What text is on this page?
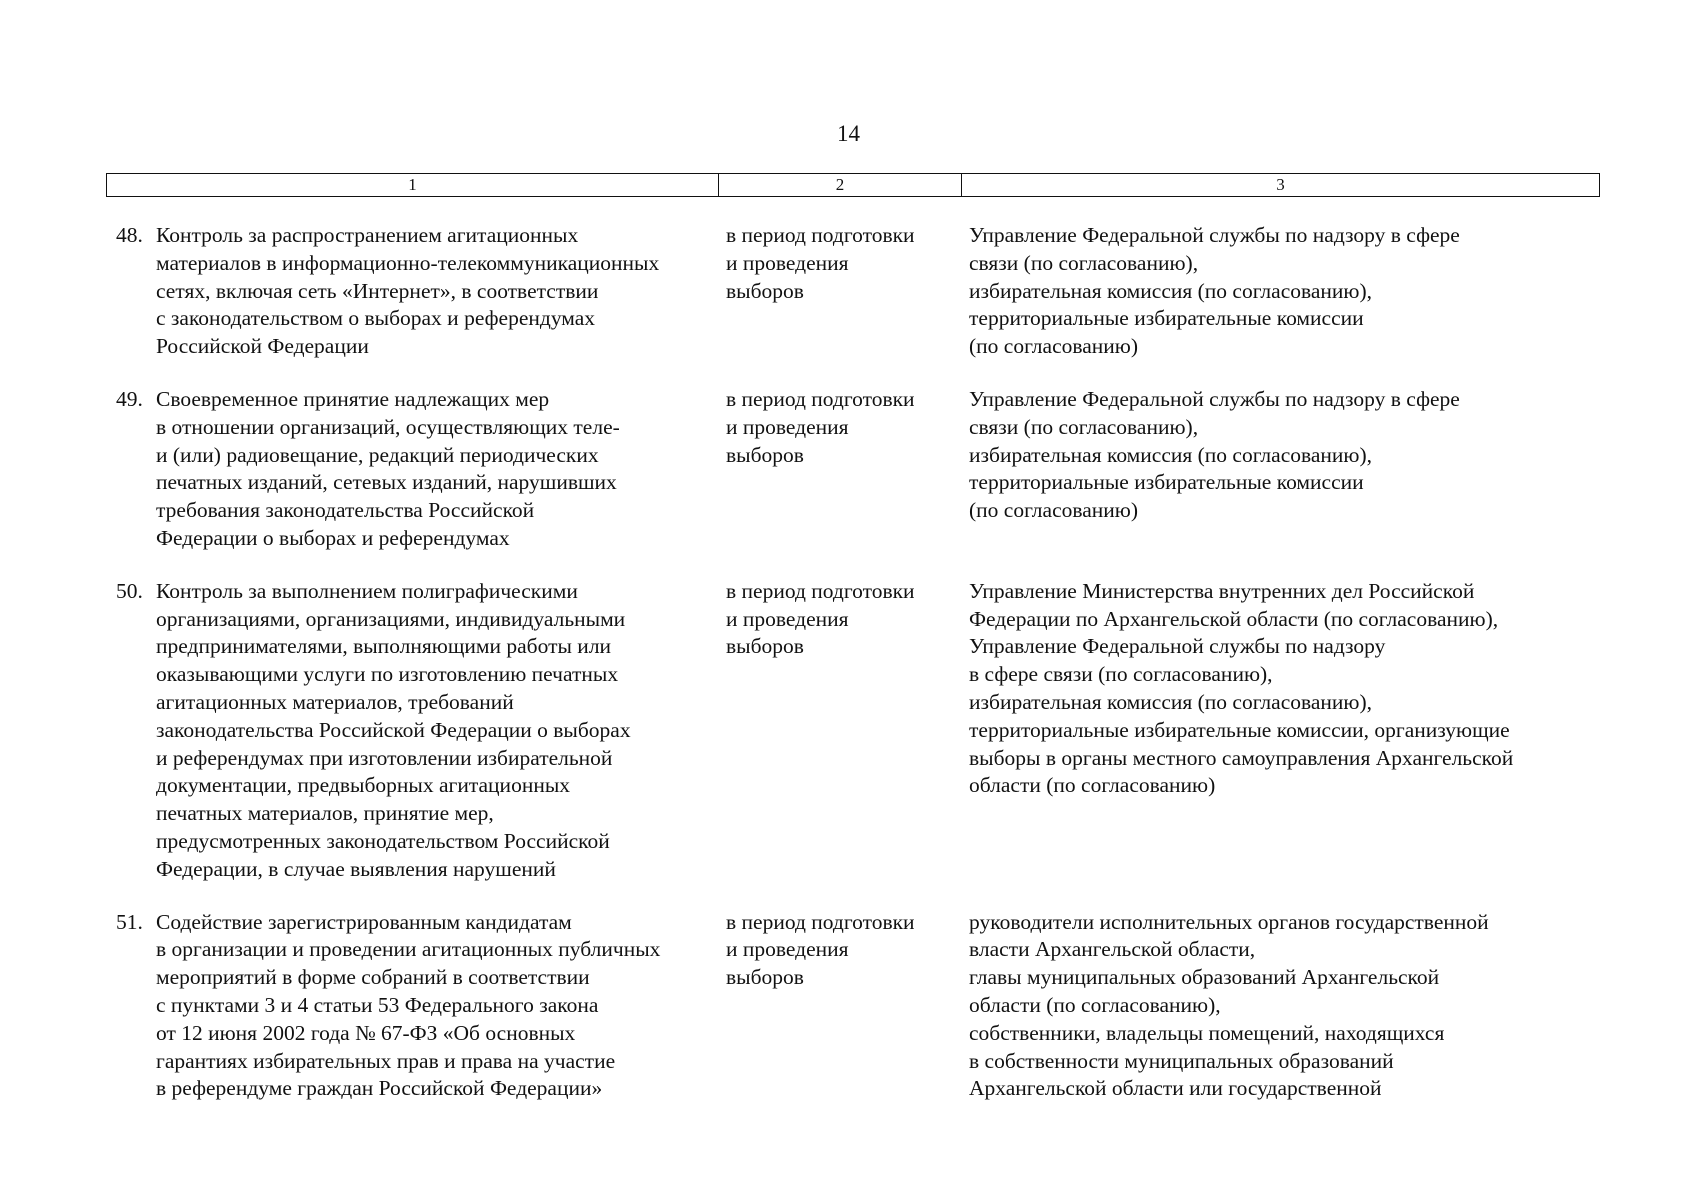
14
1	2	3
48. Контроль за распространением агитационных
материалов в информационно-телекоммуникационных
сетях, включая сеть «Интернет», в соответствии
с законодательством о выборах и референдумах
Российской Федерации
в период подготовки
и проведения
выборов
Управление Федеральной службы по надзору в сфере
связи (по согласованию),
избирательная комиссия (по согласованию),
территориальные избирательные комиссии
(по согласованию)
49. Своевременное принятие надлежащих мер
в отношении организаций, осуществляющих теле-
и (или) радиовещание, редакций периодических
печатных изданий, сетевых изданий, нарушивших
требования законодательства Российской
Федерации о выборах и референдумах
в период подготовки
и проведения
выборов
Управление Федеральной службы по надзору в сфере
связи (по согласованию),
избирательная комиссия (по согласованию),
территориальные избирательные комиссии
(по согласованию)
50. Контроль за выполнением полиграфическими
организациями, организациями, индивидуальными
предпринимателями, выполняющими работы или
оказывающими услуги по изготовлению печатных
агитационных материалов, требований
законодательства Российской Федерации о выборах
и референдумах при изготовлении избирательной
документации, предвыборных агитационных
печатных материалов, принятие мер,
предусмотренных законодательством Российской
Федерации, в случае выявления нарушений
в период подготовки
и проведения
выборов
Управление Министерства внутренних дел Российской
Федерации по Архангельской области (по согласованию),
Управление Федеральной службы по надзору
в сфере связи (по согласованию),
избирательная комиссия (по согласованию),
территориальные избирательные комиссии, организующие
выборы в органы местного самоуправления Архангельской
области (по согласованию)
51. Содействие зарегистрированным кандидатам
в организации и проведении агитационных публичных
мероприятий в форме собраний в соответствии
с пунктами 3 и 4 статьи 53 Федерального закона
от 12 июня 2002 года № 67-ФЗ «Об основных
гарантиях избирательных прав и права на участие
в референдуме граждан Российской Федерации»
в период подготовки
и проведения
выборов
руководители исполнительных органов государственной
власти Архангельской области,
главы муниципальных образований Архангельской
области (по согласованию),
собственники, владельцы помещений, находящихся
в собственности муниципальных образований
Архангельской области или государственной
